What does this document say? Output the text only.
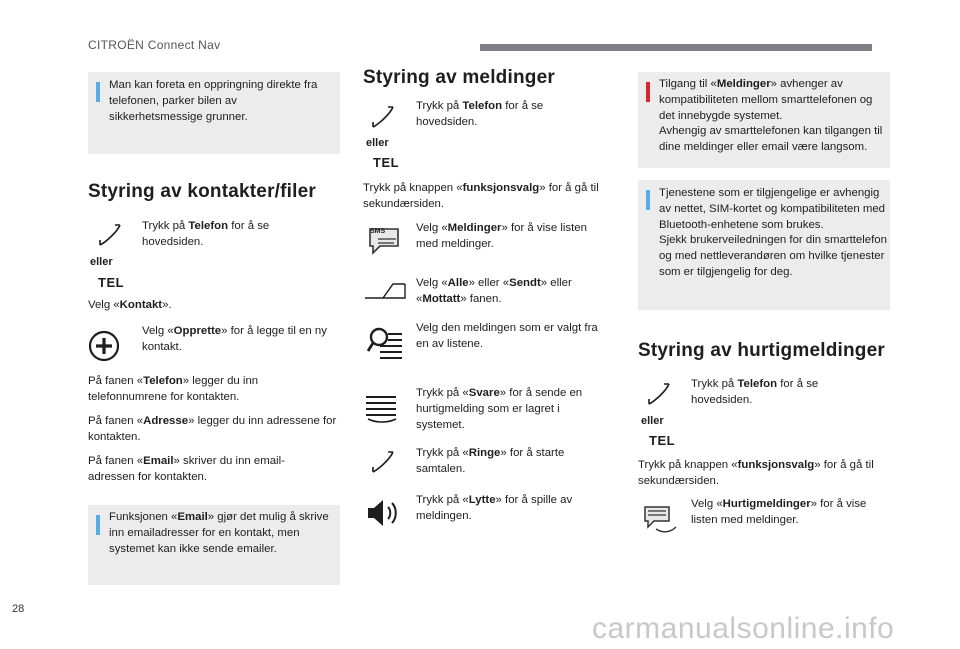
CITROËN Connect Nav
Man kan foreta en oppringning direkte fra telefonen, parker bilen av sikkerhetsmessige grunner.
Styring av kontakter/filer
eller
TEL
Trykk på Telefon for å se hovedsiden.
Velg «Kontakt».
Velg «Opprette» for å legge til en ny kontakt.
På fanen «Telefon» legger du inn telefonnumrene for kontakten.
På fanen «Adresse» legger du inn adressene for kontakten.
På fanen «Email» skriver du inn email-adressen for kontakten.
Funksjonen «Email» gjør det mulig å skrive inn emailadresser for en kontakt, men systemet kan ikke sende emailer.
Styring av meldinger
eller
TEL
Trykk på Telefon for å se hovedsiden.
Trykk på knappen «funksjonsvalg» for å gå til sekundærsiden.
SMS	Velg «Meldinger» for å vise listen med meldinger.
Velg «Alle» eller «Sendt» eller «Mottatt» fanen.
Velg den meldingen som er valgt fra en av listene.
Trykk på «Svare» for å sende en hurtigmelding som er lagret i systemet.
Trykk på «Ringe» for å starte samtalen.
Trykk på «Lytte» for å spille av meldingen.
Tilgang til «Meldinger» avhenger av kompatibiliteten mellom smarttelefonen og det innebygde systemet.
Avhengig av smarttelefonen kan tilgangen til dine meldinger eller email være langsom.
Tjenestene som er tilgjengelige er avhengig av nettet, SIM-kortet og kompatibiliteten med Bluetooth-enhetene som brukes.
Sjekk brukerveiledningen for din smarttelefon og med nettleverandøren om hvilke tjenester som er tilgjengelig for deg.
Styring av hurtigmeldinger
eller
TEL
Trykk på Telefon for å se hovedsiden.
Trykk på knappen «funksjonsvalg» for å gå til sekundærsiden.
Velg «Hurtigmeldinger» for å vise listen med meldinger.
28
carmanualsonline.info
